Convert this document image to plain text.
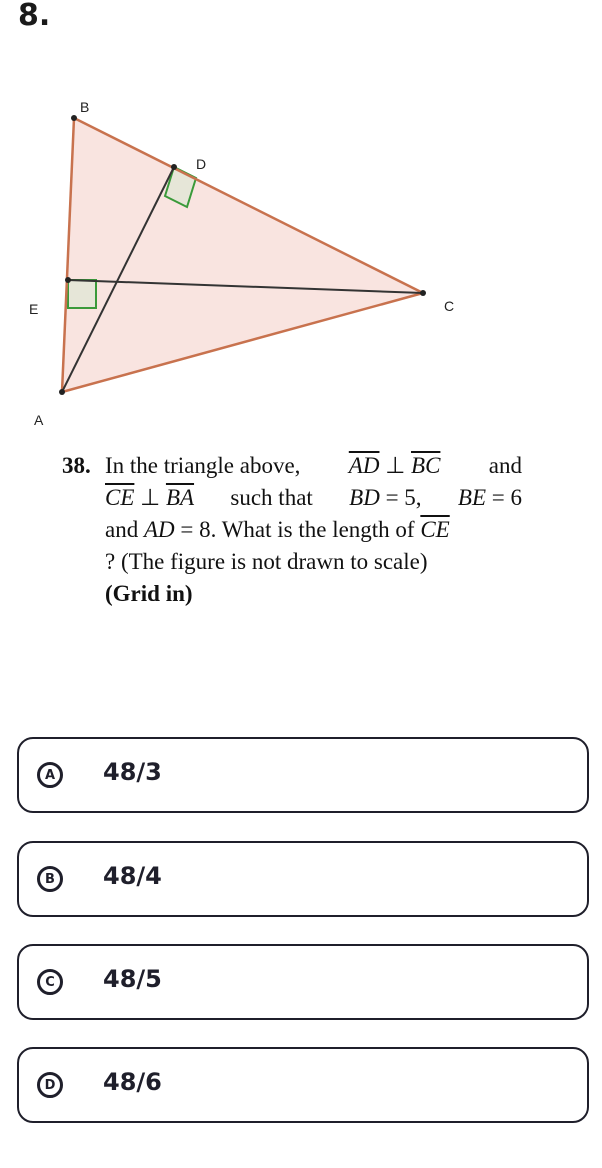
8.
B
D
C
E
A
38. In the triangle above, $\overline{AD}$ ⊥ $\overline{BC}$ and
$\overline{CE}$ ⊥ $\overline{BA}$ such that BD = 5, BE = 6
and AD = 8. What is the length of $\overline{CE}$
? (The figure is not drawn to scale)
(Grid in)
A	48/3
B	48/4
C	48/5
D	48/6
